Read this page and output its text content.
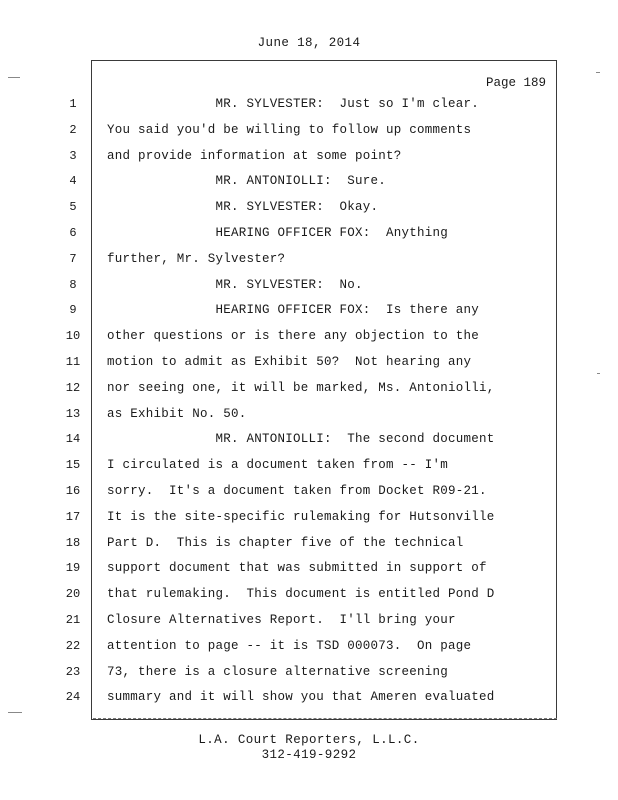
June 18, 2014
Page 189
1	MR. SYLVESTER:  Just so I'm clear.
2	You said you'd be willing to follow up comments
3	and provide information at some point?
4	MR. ANTONIOLLI:  Sure.
5	MR. SYLVESTER:  Okay.
6	HEARING OFFICER FOX:  Anything
7	further, Mr. Sylvester?
8	MR. SYLVESTER:  No.
9	HEARING OFFICER FOX:  Is there any
10	other questions or is there any objection to the
11	motion to admit as Exhibit 50?  Not hearing any
12	nor seeing one, it will be marked, Ms. Antoniolli,
13	as Exhibit No. 50.
14	MR. ANTONIOLLI:  The second document
15	I circulated is a document taken from -- I'm
16	sorry.  It's a document taken from Docket R09-21.
17	It is the site-specific rulemaking for Hutsonville
18	Part D.  This is chapter five of the technical
19	support document that was submitted in support of
20	that rulemaking.  This document is entitled Pond D
21	Closure Alternatives Report.  I'll bring your
22	attention to page -- it is TSD 000073.  On page
23	73, there is a closure alternative screening
24	summary and it will show you that Ameren evaluated
L.A. Court Reporters, L.L.C.
312-419-9292
